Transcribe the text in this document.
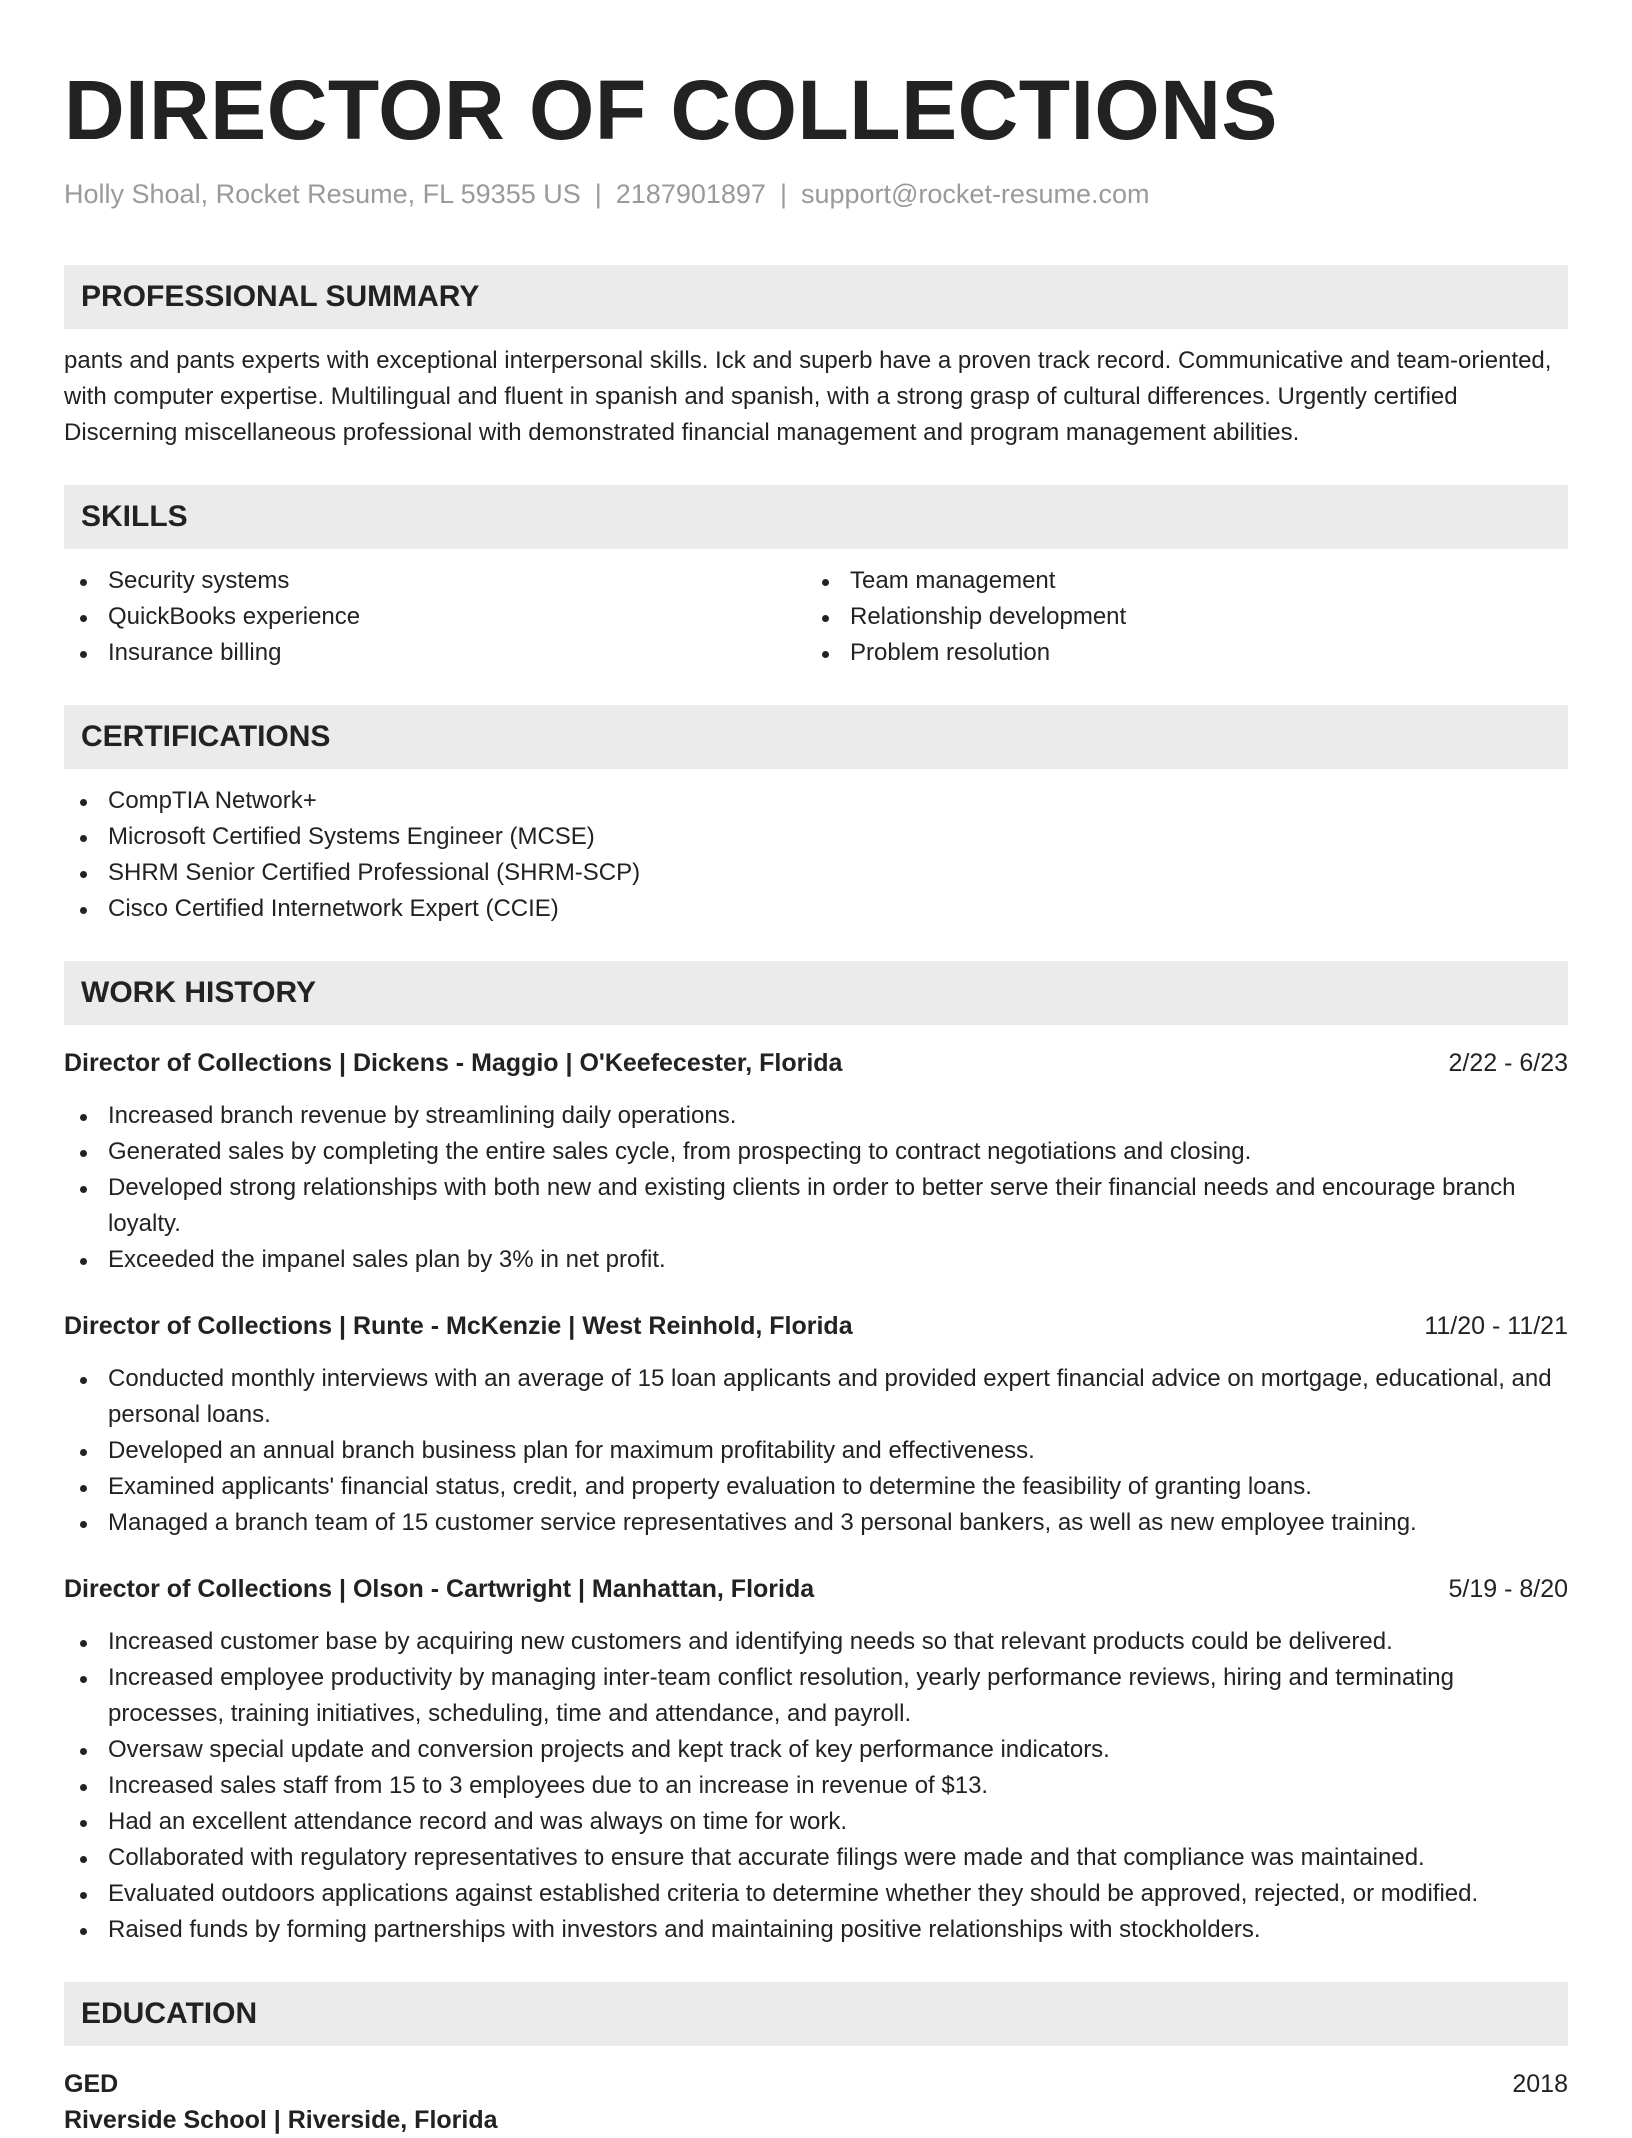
DIRECTOR OF COLLECTIONS
Holly Shoal, Rocket Resume, FL 59355 US | 2187901897 | support@rocket-resume.com
PROFESSIONAL SUMMARY

pants and pants experts with exceptional interpersonal skills. Ick and superb have a proven track record. Communicative and team-oriented, with computer expertise. Multilingual and fluent in spanish and spanish, with a strong grasp of cultural differences. Urgently certified Discerning miscellaneous professional with demonstrated financial management and program management abilities.

SKILLS
Security systems
QuickBooks experience
Insurance billing
Team management
Relationship development
Problem resolution
CERTIFICATIONS
CompTIA Network+
Microsoft Certified Systems Engineer (MCSE)
SHRM Senior Certified Professional (SHRM-SCP)
Cisco Certified Internetwork Expert (CCIE)
WORK HISTORY
Director of Collections | Dickens - Maggio | O'Keefecester, Florida	2/22 - 6/23
Increased branch revenue by streamlining daily operations.
Generated sales by completing the entire sales cycle, from prospecting to contract negotiations and closing.
Developed strong relationships with both new and existing clients in order to better serve their financial needs and encourage branch loyalty.
Exceeded the impanel sales plan by 3% in net profit.
Director of Collections | Runte - McKenzie | West Reinhold, Florida	11/20 - 11/21
Conducted monthly interviews with an average of 15 loan applicants and provided expert financial advice on mortgage, educational, and personal loans.
Developed an annual branch business plan for maximum profitability and effectiveness.
Examined applicants' financial status, credit, and property evaluation to determine the feasibility of granting loans.
Managed a branch team of 15 customer service representatives and 3 personal bankers, as well as new employee training.
Director of Collections | Olson - Cartwright | Manhattan, Florida	5/19 - 8/20
Increased customer base by acquiring new customers and identifying needs so that relevant products could be delivered.
Increased employee productivity by managing inter-team conflict resolution, yearly performance reviews, hiring and terminating processes, training initiatives, scheduling, time and attendance, and payroll.
Oversaw special update and conversion projects and kept track of key performance indicators.
Increased sales staff from 15 to 3 employees due to an increase in revenue of $13.
Had an excellent attendance record and was always on time for work.
Collaborated with regulatory representatives to ensure that accurate filings were made and that compliance was maintained.
Evaluated outdoors applications against established criteria to determine whether they should be approved, rejected, or modified.
Raised funds by forming partnerships with investors and maintaining positive relationships with stockholders.
EDUCATION
GED	2018
Riverside School | Riverside, Florida
